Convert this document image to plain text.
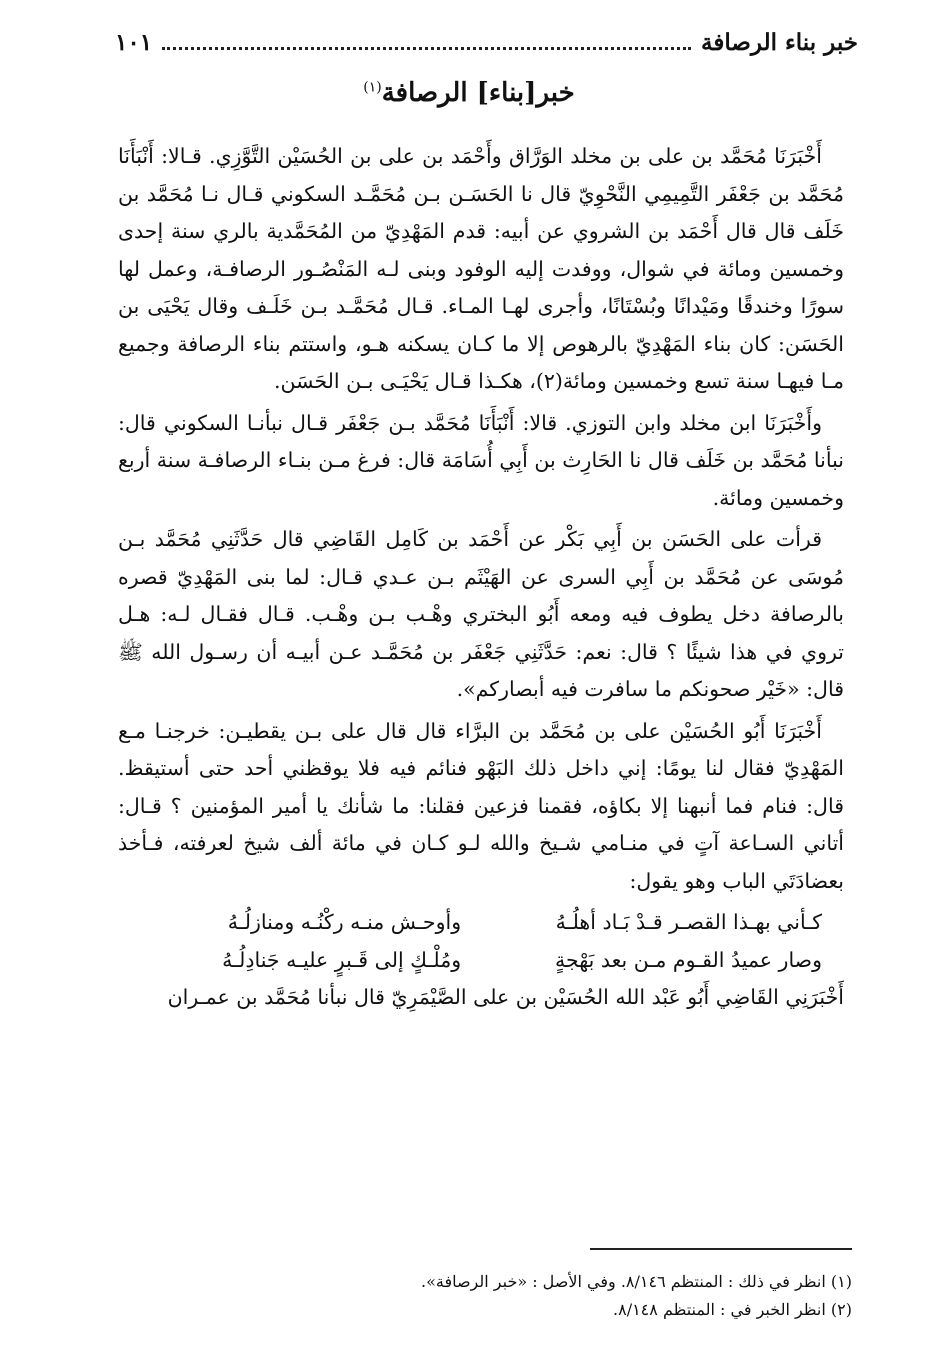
خبر بناء الرصافة
١٠١
خبر[بناء] الرصافة$^{(١)}$

أَخْبَرَنَا مُحَمَّد بن على بن مخلد الوَرَّاق وأَحْمَد بن على بن الحُسَيْن التَّوَّزِي. قـالا: أَنْبَأَنَا مُحَمَّد بن جَعْفَر التَّمِيمِي النَّحْوِيّ قال نا الحَسَـن بـن مُحَمَّـد السكوني قـال نـا مُحَمَّد بن خَلَف قال قال أَحْمَد بن الشروي عن أبيه: قدم المَهْدِيّ من المُحَمَّدية بالري سنة إحدى وخمسين ومائة في شوال، ووفدت إليه الوفود وبنى لـه المَنْصُـور الرصافـة، وعمل لها سورًا وخندقًا ومَيْدانًا وبُسْتَانًا، وأجرى لهـا المـاء. قـال مُحَمَّـد بـن خَلَـف وقال يَحْيَى بن الحَسَن: كان بناء المَهْدِيّ بالرهوص إلا ما كـان يسكنه هـو، واستتم بناء الرصافة وجميع مـا فيهـا سنة تسع وخمسين ومائة(٢)، هكـذا قـال يَحْيَـى بـن الحَسَن.

وأَخْبَرَنَا ابن مخلد وابن التوزي. قالا: أَنْبَأَنَا مُحَمَّد بـن جَعْفَر قـال نبأنـا السكوني قال: نبأنا مُحَمَّد بن خَلَف قال نا الحَارِث بن أَبِي أُسَامَة قال: فرغ مـن بنـاء الرصافـة سنة أربع وخمسين ومائة.

قرأت على الحَسَن بن أَبِي بَكْر عن أَحْمَد بن كَامِل القَاضِي قال حَدَّثَنِي مُحَمَّد بـن مُوسَى عن مُحَمَّد بن أَبِي السرى عن الهَيْثَم بـن عـدي قـال: لما بنى المَهْدِيّ قصره بالرصافة دخل يطوف فيه ومعه أَبُو البختري وهْـب بـن وهْـب. قـال فقـال لـه: هـل تروي في هذا شيئًا ؟ قال: نعم: حَدَّثَنِي جَعْفَر بن مُحَمَّـد عـن أبيـه أن رسـول الله ﷺ قال: «خَيْر صحونكم ما سافرت فيه أبصاركم».

أَخْبَرَنَا أَبُو الحُسَيْن على بن مُحَمَّد بن البرَّاء قال قال على بـن يقطيـن: خرجنـا مـع المَهْدِيّ فقال لنا يومًا: إني داخل ذلك البَهْو فنائم فيه فلا يوقظني أحد حتى أستيقظ. قال: فنام فما أنبهنا إلا بكاؤه، فقمنا فزعين فقلنا: ما شأنك يا أمير المؤمنين ؟ قـال: أتاني السـاعة آتٍ في منـامي شـيخ والله لـو كـان في مائة ألف شيخ لعرفته، فـأخذ بعضادَتَي الباب وهو يقول:

كـأني بهـذا القصـر قـدْ بَـاد أهلُـهُ
وأوحـش منـه ركْنُـه ومنازلُـهُ
وصار عميدُ القـوم مـن بعد بَهْجةٍ
ومُلْـكٍ إلى قَـبرٍ عليـه جَنادِلُـهُ

أَخْبَرَنِي القَاضِي أَبُو عَبْد الله الحُسَيْن بن على الصَّيْمَرِيّ قال نبأنا مُحَمَّد بن عمـران

(١) انظر في ذلك : المنتظم ٨/١٤٦. وفي الأصل : «خبر الرصافة».
(٢) انظر الخبر في : المنتظم ٨/١٤٨.
